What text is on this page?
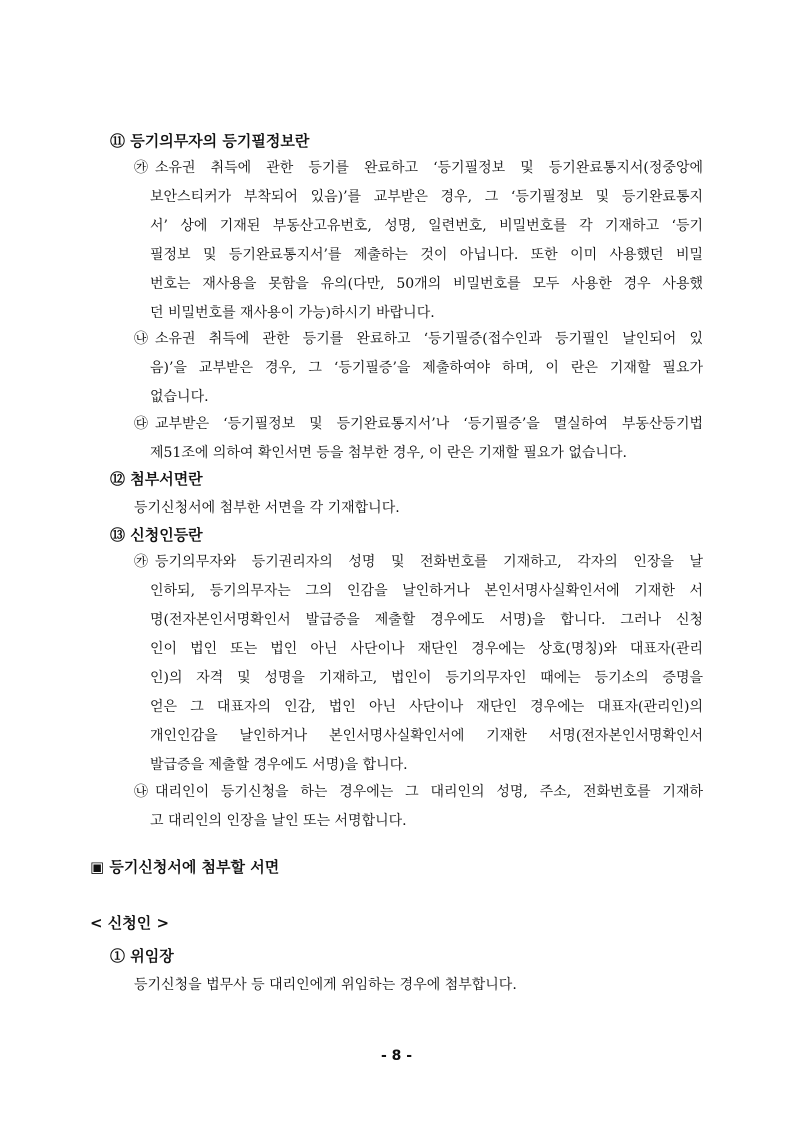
⑪ 등기의무자의 등기필정보란
㉮ 소유권 취득에 관한 등기를 완료하고 ‘등기필정보 및 등기완료통지서(정중앙에
보안스티커가 부착되어 있음)’를 교부받은 경우, 그 ‘등기필정보 및 등기완료통지
서’ 상에 기재된 부동산고유번호, 성명, 일련번호, 비밀번호를 각 기재하고 ‘등기
필정보 및 등기완료통지서’를 제출하는 것이 아닙니다. 또한 이미 사용했던 비밀
번호는 재사용을 못함을 유의(다만, 50개의 비밀번호를 모두 사용한 경우 사용했
던 비밀번호를 재사용이 가능)하시기 바랍니다.
㉯ 소유권 취득에 관한 등기를 완료하고 ‘등기필증(접수인과 등기필인 날인되어 있
음)’을 교부받은 경우, 그 ‘등기필증’을 제출하여야 하며, 이 란은 기재할 필요가
없습니다.
㉰ 교부받은 ‘등기필정보 및 등기완료통지서’나 ‘등기필증’을 멸실하여 부동산등기법
제51조에 의하여 확인서면 등을 첨부한 경우, 이 란은 기재할 필요가 없습니다.
⑫ 첨부서면란
등기신청서에 첨부한 서면을 각 기재합니다.
⑬ 신청인등란
㉮ 등기의무자와 등기권리자의 성명 및 전화번호를 기재하고, 각자의 인장을 날
인하되, 등기의무자는 그의 인감을 날인하거나 본인서명사실확인서에 기재한 서
명(전자본인서명확인서 발급증을 제출할 경우에도 서명)을 합니다. 그러나 신청
인이 법인 또는 법인 아닌 사단이나 재단인 경우에는 상호(명칭)와 대표자(관리
인)의 자격 및 성명을 기재하고, 법인이 등기의무자인 때에는 등기소의 증명을
얻은 그 대표자의 인감, 법인 아닌 사단이나 재단인 경우에는 대표자(관리인)의
개인인감을 날인하거나 본인서명사실확인서에 기재한 서명(전자본인서명확인서
발급증을 제출할 경우에도 서명)을 합니다.
㉯ 대리인이 등기신청을 하는 경우에는 그 대리인의 성명, 주소, 전화번호를 기재하
고 대리인의 인장을 날인 또는 서명합니다.
▣ 등기신청서에 첨부할 서면
< 신청인 >
① 위임장
등기신청을 법무사 등 대리인에게 위임하는 경우에 첨부합니다.
- 8 -
